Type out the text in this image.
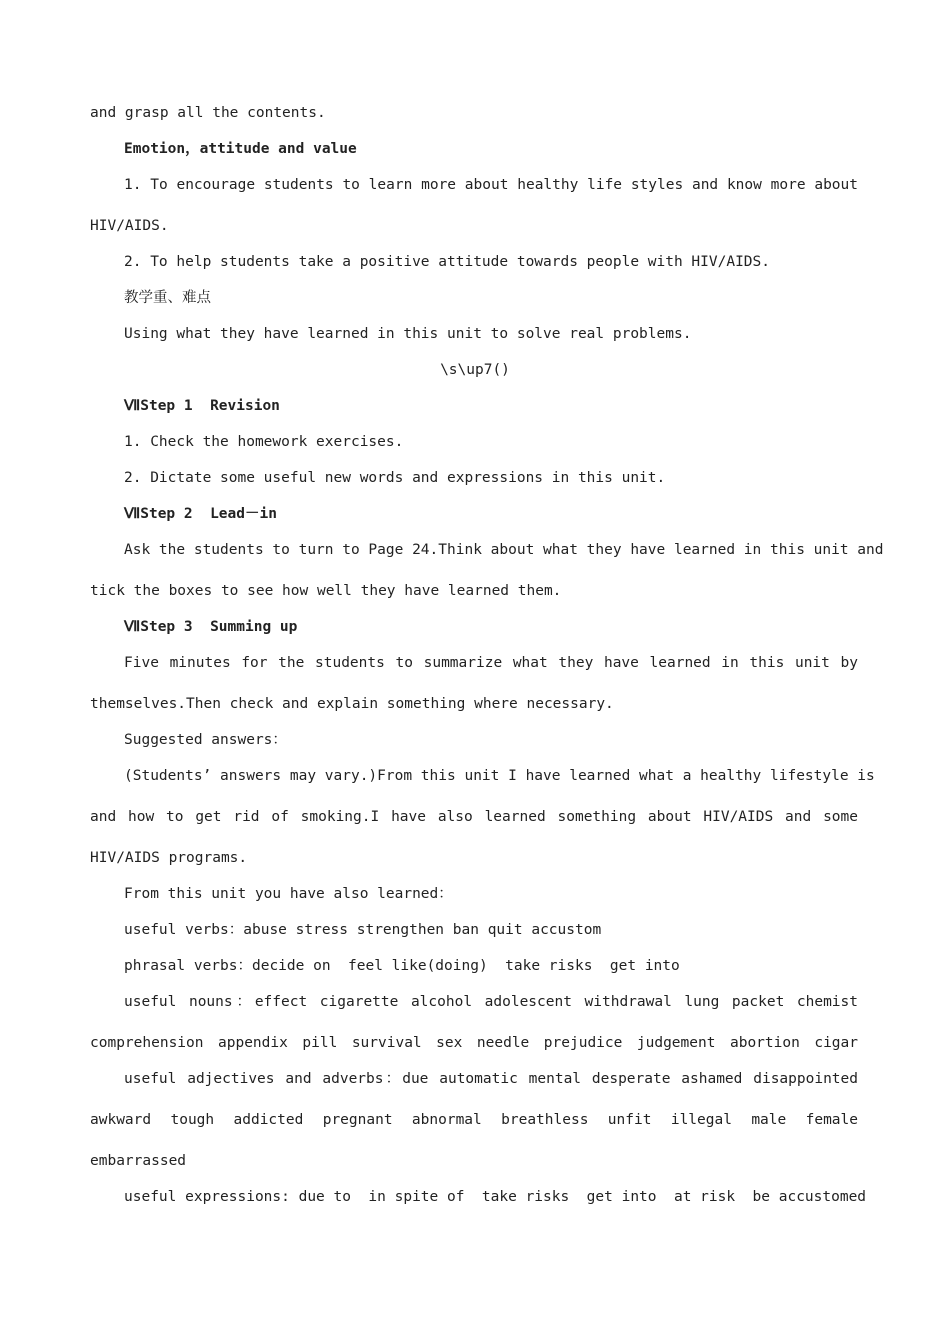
and grasp all the contents.
Emotion，attitude and value
1. To encourage students to learn more about healthy life styles and know more about
HIV/AIDS.
2. To help students take a positive attitude towards people with HIV/AIDS.
教学重、难点
Using what they have learned in this unit to solve real problems.
\s\up7()
ⅦStep 1  Revision
1. Check the homework exercises.
2. Dictate some useful new words and expressions in this unit.
ⅦStep 2  Lead－in
Ask the students to turn to Page 24.Think about what they have learned in this unit and
tick the boxes to see how well they have learned them.
ⅦStep 3  Summing up
Five minutes for the students to summarize what they have learned in this unit by
themselves.Then check and explain something where necessary.
Suggested answers：
(Students’ answers may vary.)From this unit I have learned what a healthy lifestyle is
and how to get rid of smoking.I have also learned something about HIV/AIDS and some
HIV/AIDS programs.
From this unit you have also learned：
useful verbs：abuse stress strengthen ban quit accustom
phrasal verbs：decide on  feel like(doing)  take risks  get into
useful nouns：effect cigarette alcohol adolescent withdrawal lung packet chemist
comprehension appendix pill survival sex needle prejudice judgement abortion cigar
useful adjectives and adverbs：due automatic mental desperate ashamed disappointed
awkward tough addicted pregnant abnormal breathless unfit illegal male female
embarrassed
useful expressions: due to  in spite of  take risks  get into  at risk  be accustomed
